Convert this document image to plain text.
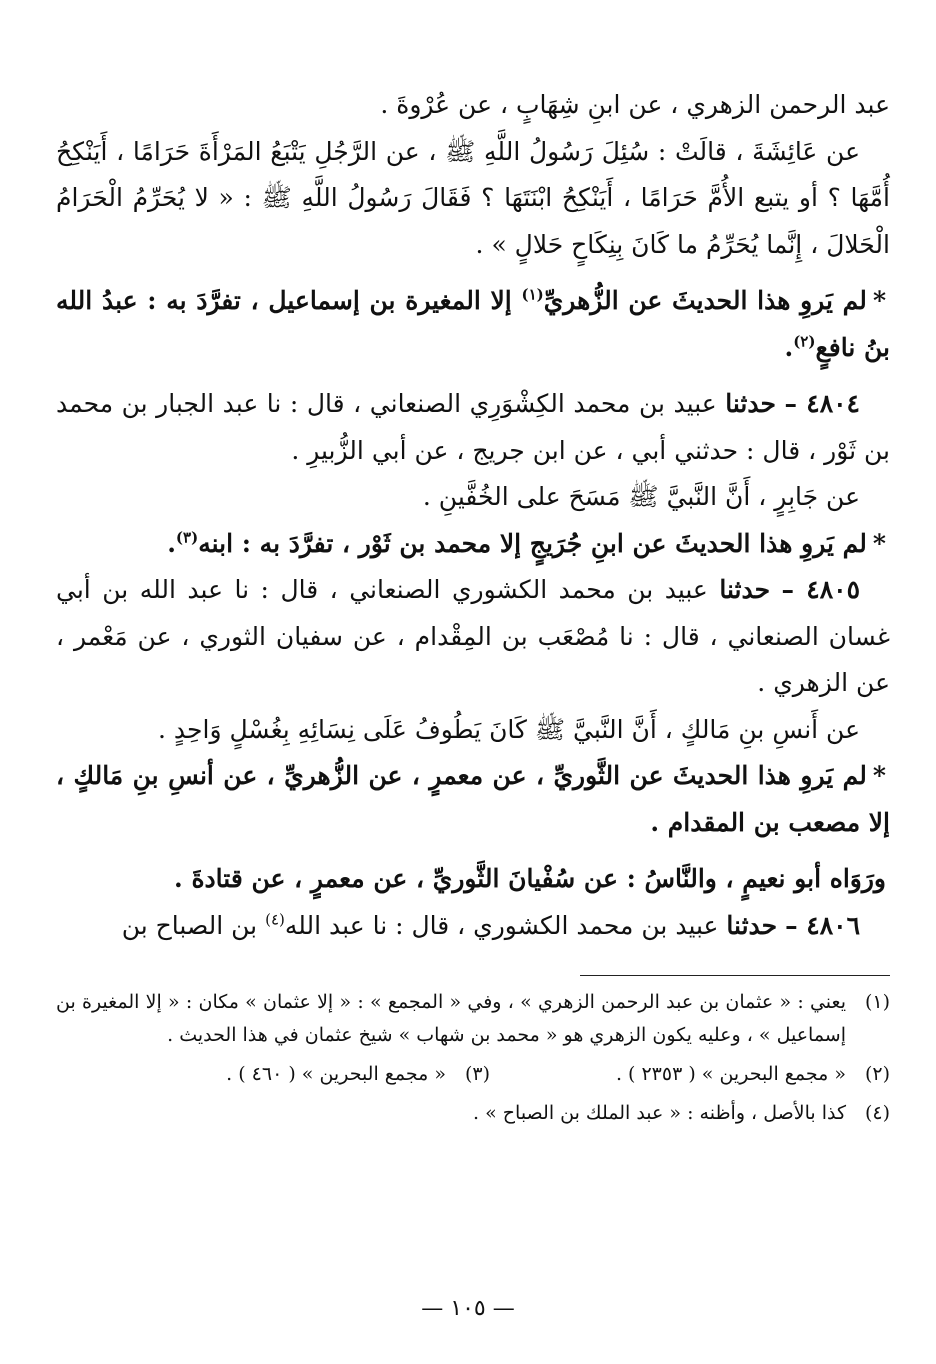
عبد الرحمن الزهري ، عن ابنِ شِهَابٍ ، عن عُرْوةَ .

عن عَائِشَةَ ، قالَتْ : سُئِلَ رَسُولُ اللَّهِ ﷺ ، عن الرَّجُلِ يَتْبَعُ المَرْأَةَ حَرَامًا ، أَيَنْكِحُ أُمَّهَا ؟ أو يتبع الأُمَّ حَرَامًا ، أَيَنْكِحُ ابْنَتَهَا ؟ فَقَالَ رَسُولُ اللَّهِ ﷺ : « لا يُحَرِّمُ الْحَرَامُ الْحَلالَ ، إِنَّما يُحَرِّمُ ما كَانَ بِنِكَاحٍ حَلالٍ » .

*لم يَروِ هذا الحديثَ عن الزُّهريِّ$^{(١)}$ إلا المغيرة بن إسماعيل ، تفرَّدَ به : عبدُ الله بنُ نافعٍ$^{(٢)}$.

٤٨٠٤ – حدثنا عبيد بن محمد الكِشْوَرِي الصنعاني ، قال : نا عبد الجبار بن محمد بن ثَوْر ، قال : حدثني أبي ، عن ابن جريج ، عن أبي الزُّبيرِ .

عن جَابِرٍ ، أَنَّ النَّبيَّ ﷺ مَسَحَ على الخُفَّينِ .

*لم يَروِ هذا الحديثَ عن ابنِ جُرَيجٍ إلا محمد بن ثَوْر ، تفرَّدَ به : ابنه$^{(٣)}$.

٤٨٠٥ – حدثنا عبيد بن محمد الكشوري الصنعاني ، قال : نا عبد الله بن أبي غسان الصنعاني ، قال : نا مُصْعَب بن المِقْدام ، عن سفيان الثوري ، عن مَعْمر ، عن الزهري .

عن أَنسِ بنِ مَالكٍ ، أَنَّ النَّبيَّ ﷺ كَانَ يَطُوفُ عَلَى نِسَائِهِ بِغُسْلٍ وَاحِدٍ .

*لم يَروِ هذا الحديثَ عن الثَّوريِّ ، عن معمرٍ ، عن الزُّهريِّ ، عن أنسِ بنِ مَالكٍ ، إلا مصعب بن المقدام .

ورَوَاه أبو نعيمٍ ، والنَّاسُ : عن سُفْيانَ الثَّوريِّ ، عن معمرٍ ، عن قتادةَ .

٤٨٠٦ – حدثنا عبيد بن محمد الكشوري ، قال : نا عبد الله$^{(٤)}$ بن الصباح بن

(١)
يعني : « عثمان بن عبد الرحمن الزهري » ، وفي « المجمع » : « إلا عثمان » مكان : « إلا المغيرة بن إسماعيل » ، وعليه يكون الزهري هو « محمد بن شهاب » شيخ عثمان في هذا الحديث .
(٢)
« مجمع البحرين » ( ٢٣٥٣ ) .
(٣)
« مجمع البحرين » ( ٤٦٠ ) .
(٤)
كذا بالأصل ، وأظنه : « عبد الملك بن الصباح » .
— ١٠٥ —
